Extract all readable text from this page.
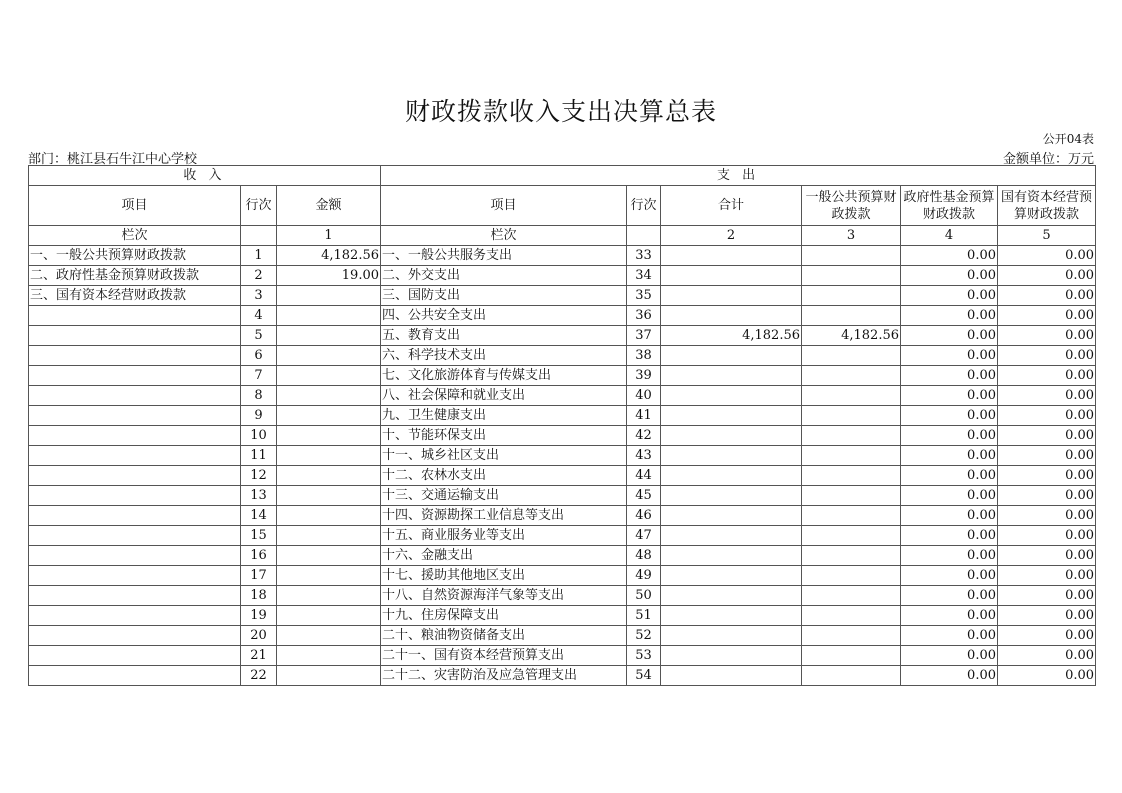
财政拨款收入支出决算总表
公开04表
部门：桃江县石牛江中心学校	金额单位：万元
收 入			支 出					
项目	行次	金额	项目	行次	合计	一般公共预算财政拨款	政府性基金预算财政拨款	国有资本经营预算财政拨款
栏次		1	栏次		2	3	4	5
一、一般公共预算财政拨款	1	4,182.56	一、一般公共服务支出	33			0.00	0.00
二、政府性基金预算财政拨款	2	19.00	二、外交支出	34			0.00	0.00
三、国有资本经营财政拨款	3		三、国防支出	35			0.00	0.00
	4		四、公共安全支出	36			0.00	0.00
	5		五、教育支出	37	4,182.56	4,182.56	0.00	0.00
	6		六、科学技术支出	38			0.00	0.00
	7		七、文化旅游体育与传媒支出	39			0.00	0.00
	8		八、社会保障和就业支出	40			0.00	0.00
	9		九、卫生健康支出	41			0.00	0.00
	10		十、节能环保支出	42			0.00	0.00
	11		十一、城乡社区支出	43			0.00	0.00
	12		十二、农林水支出	44			0.00	0.00
	13		十三、交通运输支出	45			0.00	0.00
	14		十四、资源勘探工业信息等支出	46			0.00	0.00
	15		十五、商业服务业等支出	47			0.00	0.00
	16		十六、金融支出	48			0.00	0.00
	17		十七、援助其他地区支出	49			0.00	0.00
	18		十八、自然资源海洋气象等支出	50			0.00	0.00
	19		十九、住房保障支出	51			0.00	0.00
	20		二十、粮油物资储备支出	52			0.00	0.00
	21		二十一、国有资本经营预算支出	53			0.00	0.00
	22		二十二、灾害防治及应急管理支出	54			0.00	0.00
